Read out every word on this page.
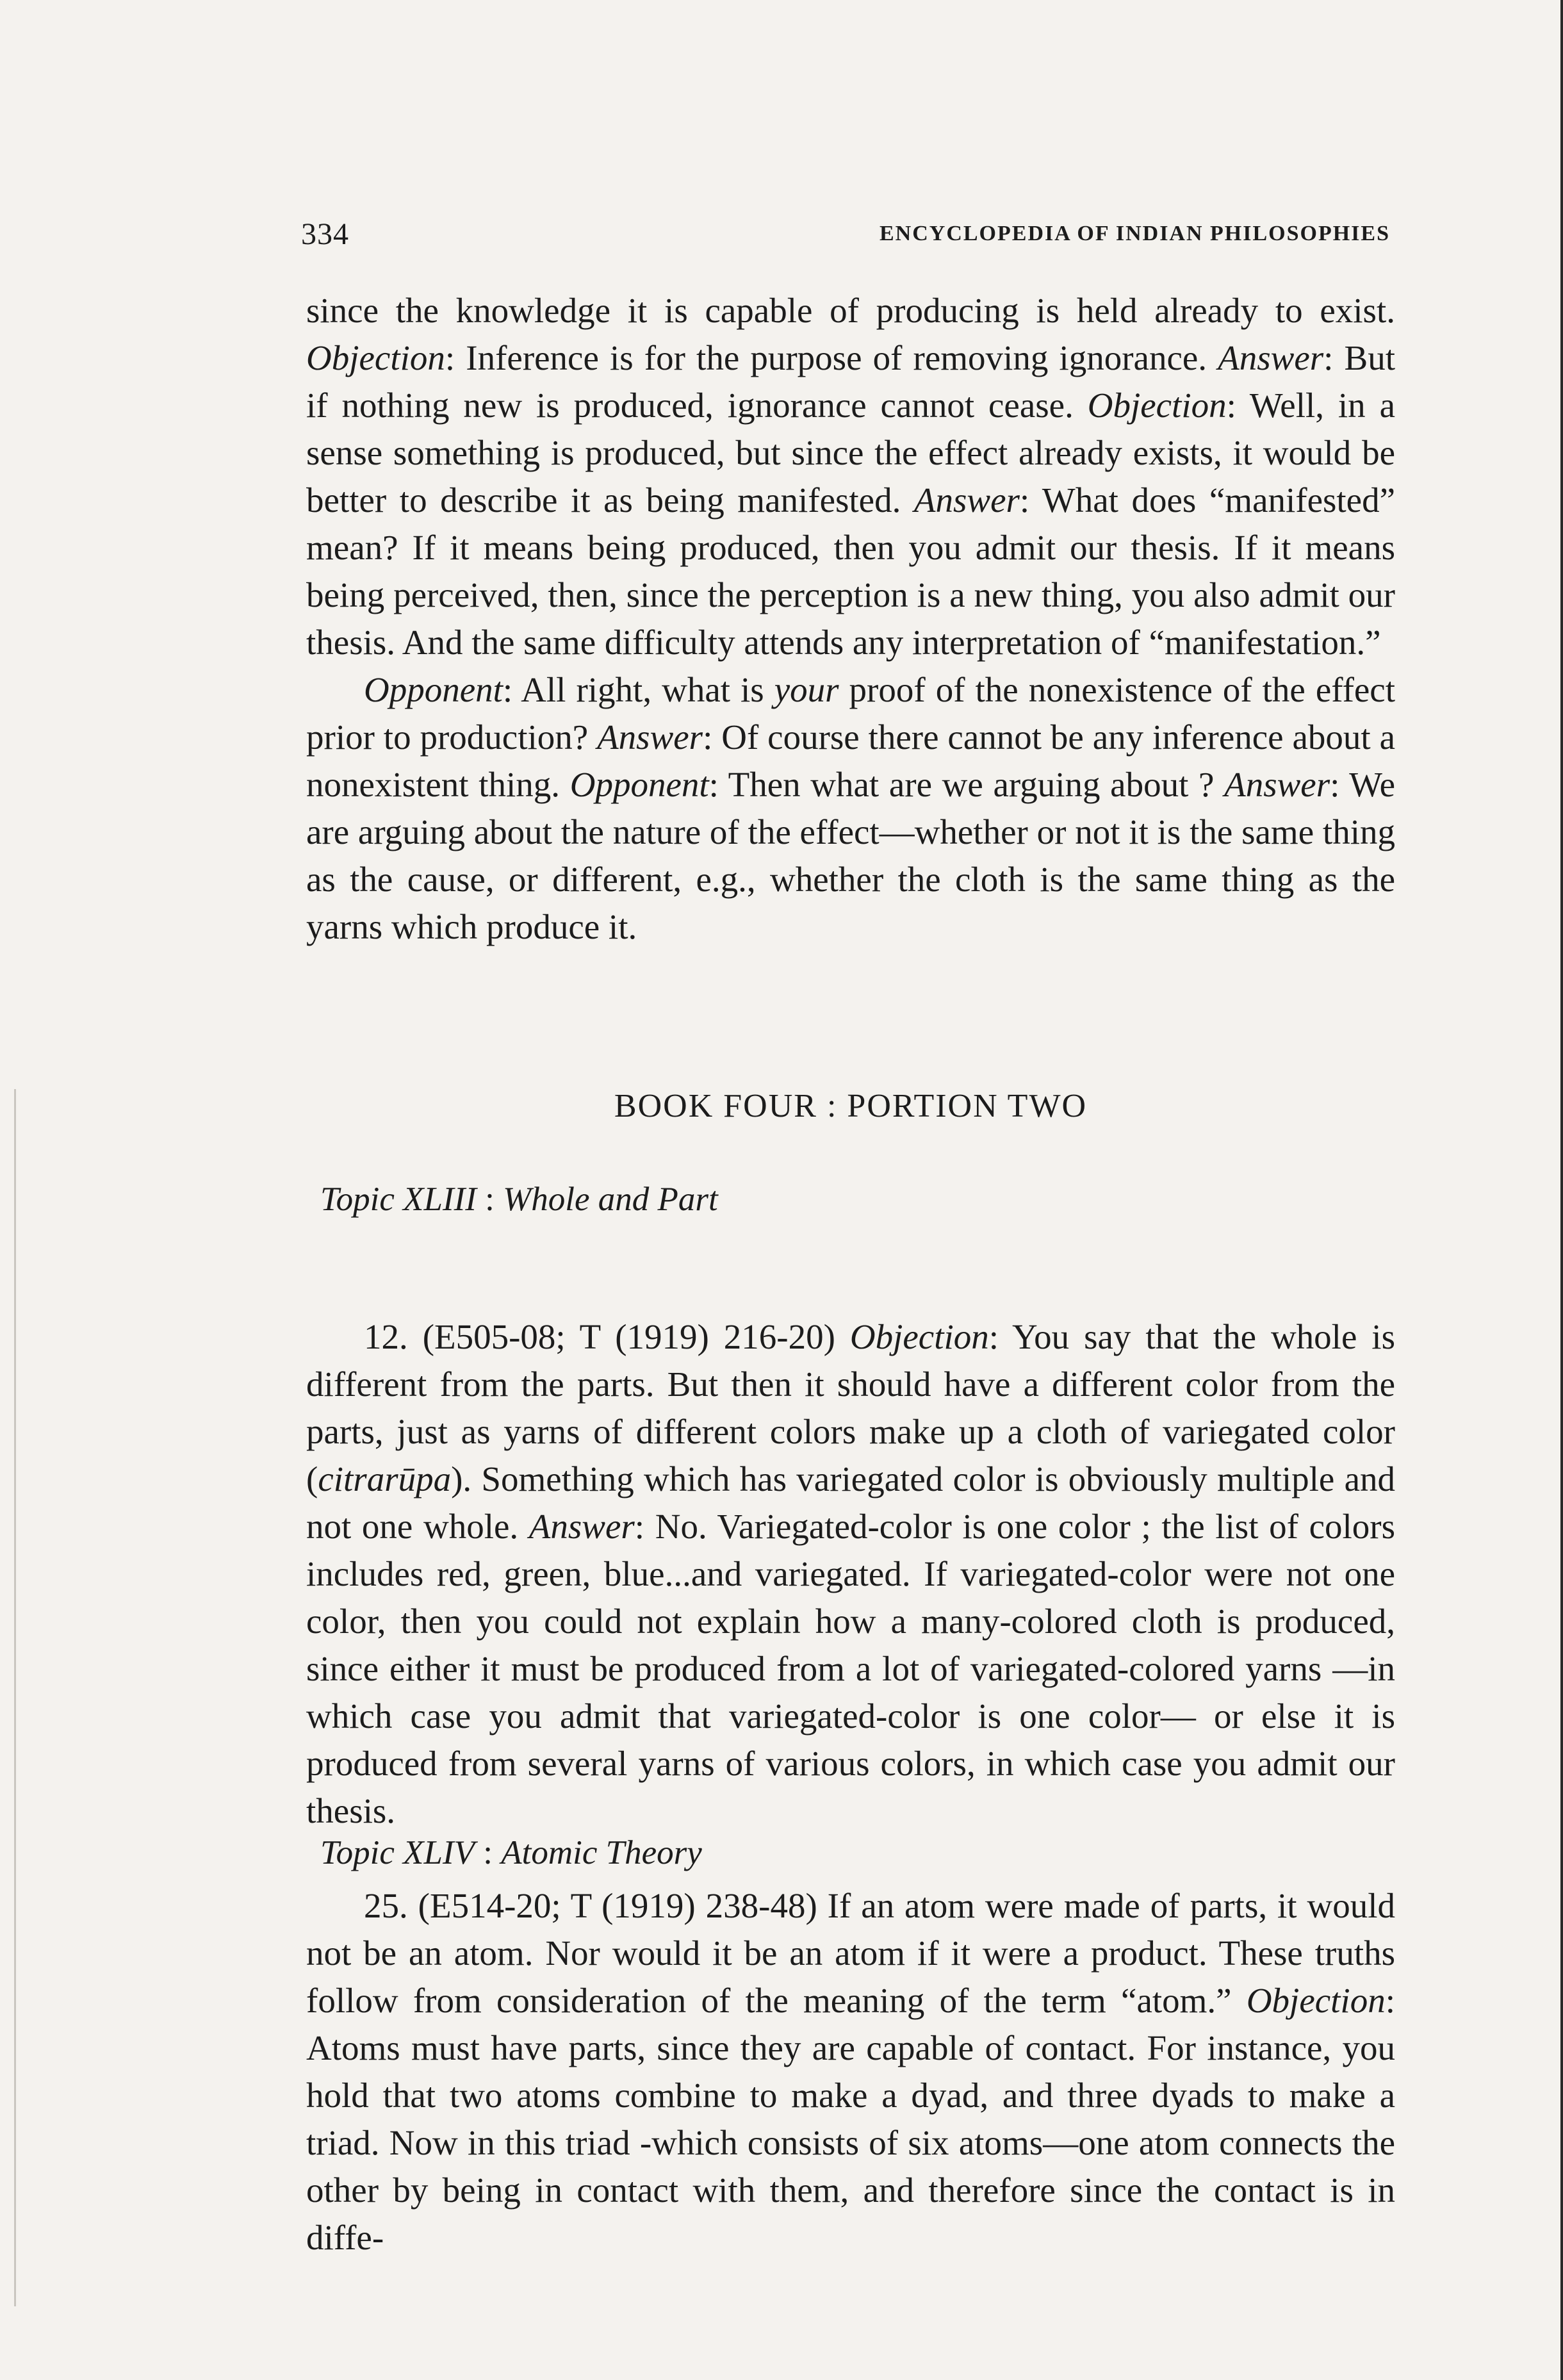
334	ENCYCLOPEDIA OF INDIAN PHILOSOPHIES

since the knowledge it is capable of producing is held already to exist. Objection: Inference is for the purpose of removing ignorance. Answer: But if nothing new is produced, ignorance cannot cease. Objection: Well, in a sense something is produced, but since the effect already exists, it would be better to describe it as being manifested. Answer: What does “manifested” mean? If it means being produced, then you admit our thesis. If it means being perceived, then, since the perception is a new thing, you also admit our thesis. And the same difficulty attends any interpretation of “manifestation.”

Opponent: All right, what is your proof of the nonexistence of the effect prior to production? Answer: Of course there cannot be any inference about a nonexistent thing. Opponent: Then what are we arguing about ? Answer: We are arguing about the nature of the effect—whether or not it is the same thing as the cause, or different, e.g., whether the cloth is the same thing as the yarns which produce it.

BOOK FOUR : PORTION TWO
Topic XLIII : Whole and Part

12. (E505-08; T (1919) 216-20) Objection: You say that the whole is different from the parts. But then it should have a different color from the parts, just as yarns of different colors make up a cloth of variegated color (citrarūpa). Something which has variegated color is obviously multiple and not one whole. Answer: No. Variegated-color is one color ; the list of colors includes red, green, blue...and variegated. If variegated-color were not one color, then you could not explain how a many-colored cloth is produced, since either it must be produced from a lot of variegated-colored yarns —in which case you admit that variegated-color is one color— or else it is produced from several yarns of various colors, in which case you admit our thesis.

Topic XLIV : Atomic Theory

25. (E514-20; T (1919) 238-48) If an atom were made of parts, it would not be an atom. Nor would it be an atom if it were a product. These truths follow from consideration of the meaning of the term “atom.” Objection: Atoms must have parts, since they are capable of contact. For instance, you hold that two atoms combine to make a dyad, and three dyads to make a triad. Now in this triad -which consists of six atoms—one atom connects the other by being in contact with them, and therefore since the contact is in diffe-
